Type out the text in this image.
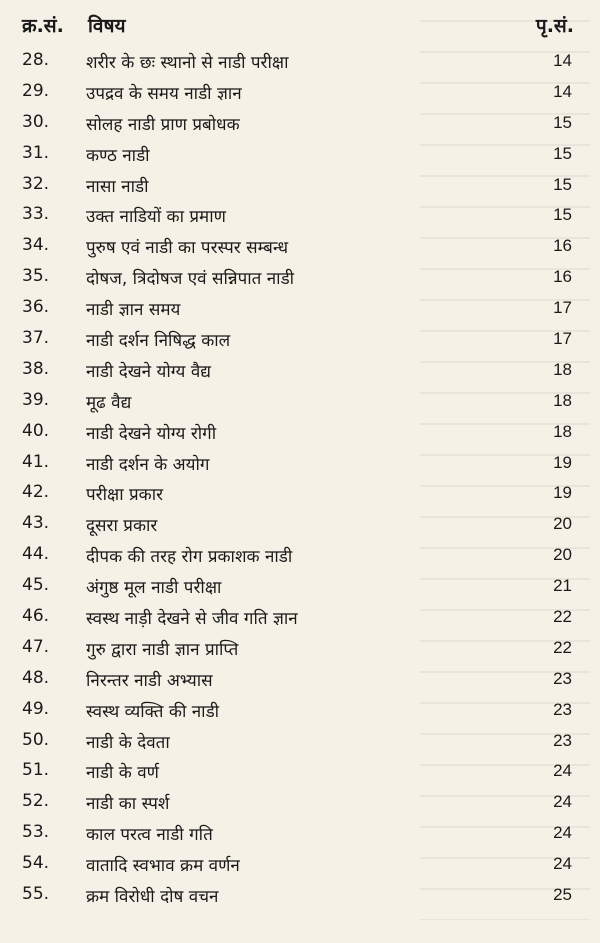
क्र.सं. विषय	पृ.सं.
28. शरीर के छः स्थानो से नाडी परीक्षा	14
29. उपद्रव के समय नाडी ज्ञान	14
30. सोलह नाडी प्राण प्रबोधक	15
31. कण्ठ नाडी	15
32. नासा नाडी	15
33. उक्त नाडियों का प्रमाण	15
34. पुरुष एवं नाडी का परस्पर सम्बन्ध	16
35. दोषज, त्रिदोषज एवं सन्निपात नाडी	16
36. नाडी ज्ञान समय	17
37. नाडी दर्शन निषिद्ध काल	17
38. नाडी देखने योग्य वैद्य	18
39. मूढ वैद्य	18
40. नाडी देखने योग्य रोगी	18
41. नाडी दर्शन के अयोग	19
42. परीक्षा प्रकार	19
43. दूसरा प्रकार	20
44. दीपक की तरह रोग प्रकाशक नाडी	20
45. अंगुष्ठ मूल नाडी परीक्षा	21
46. स्वस्थ नाड़ी देखने से जीव गति ज्ञान	22
47. गुरु द्वारा नाडी ज्ञान प्राप्ति	22
48. निरन्तर नाडी अभ्यास	23
49. स्वस्थ व्यक्ति की नाडी	23
50. नाडी के देवता	23
51. नाडी के वर्ण	24
52. नाडी का स्पर्श	24
53. काल परत्व नाडी गति	24
54. वातादि स्वभाव क्रम वर्णन	24
55. क्रम विरोधी दोष वचन	25
